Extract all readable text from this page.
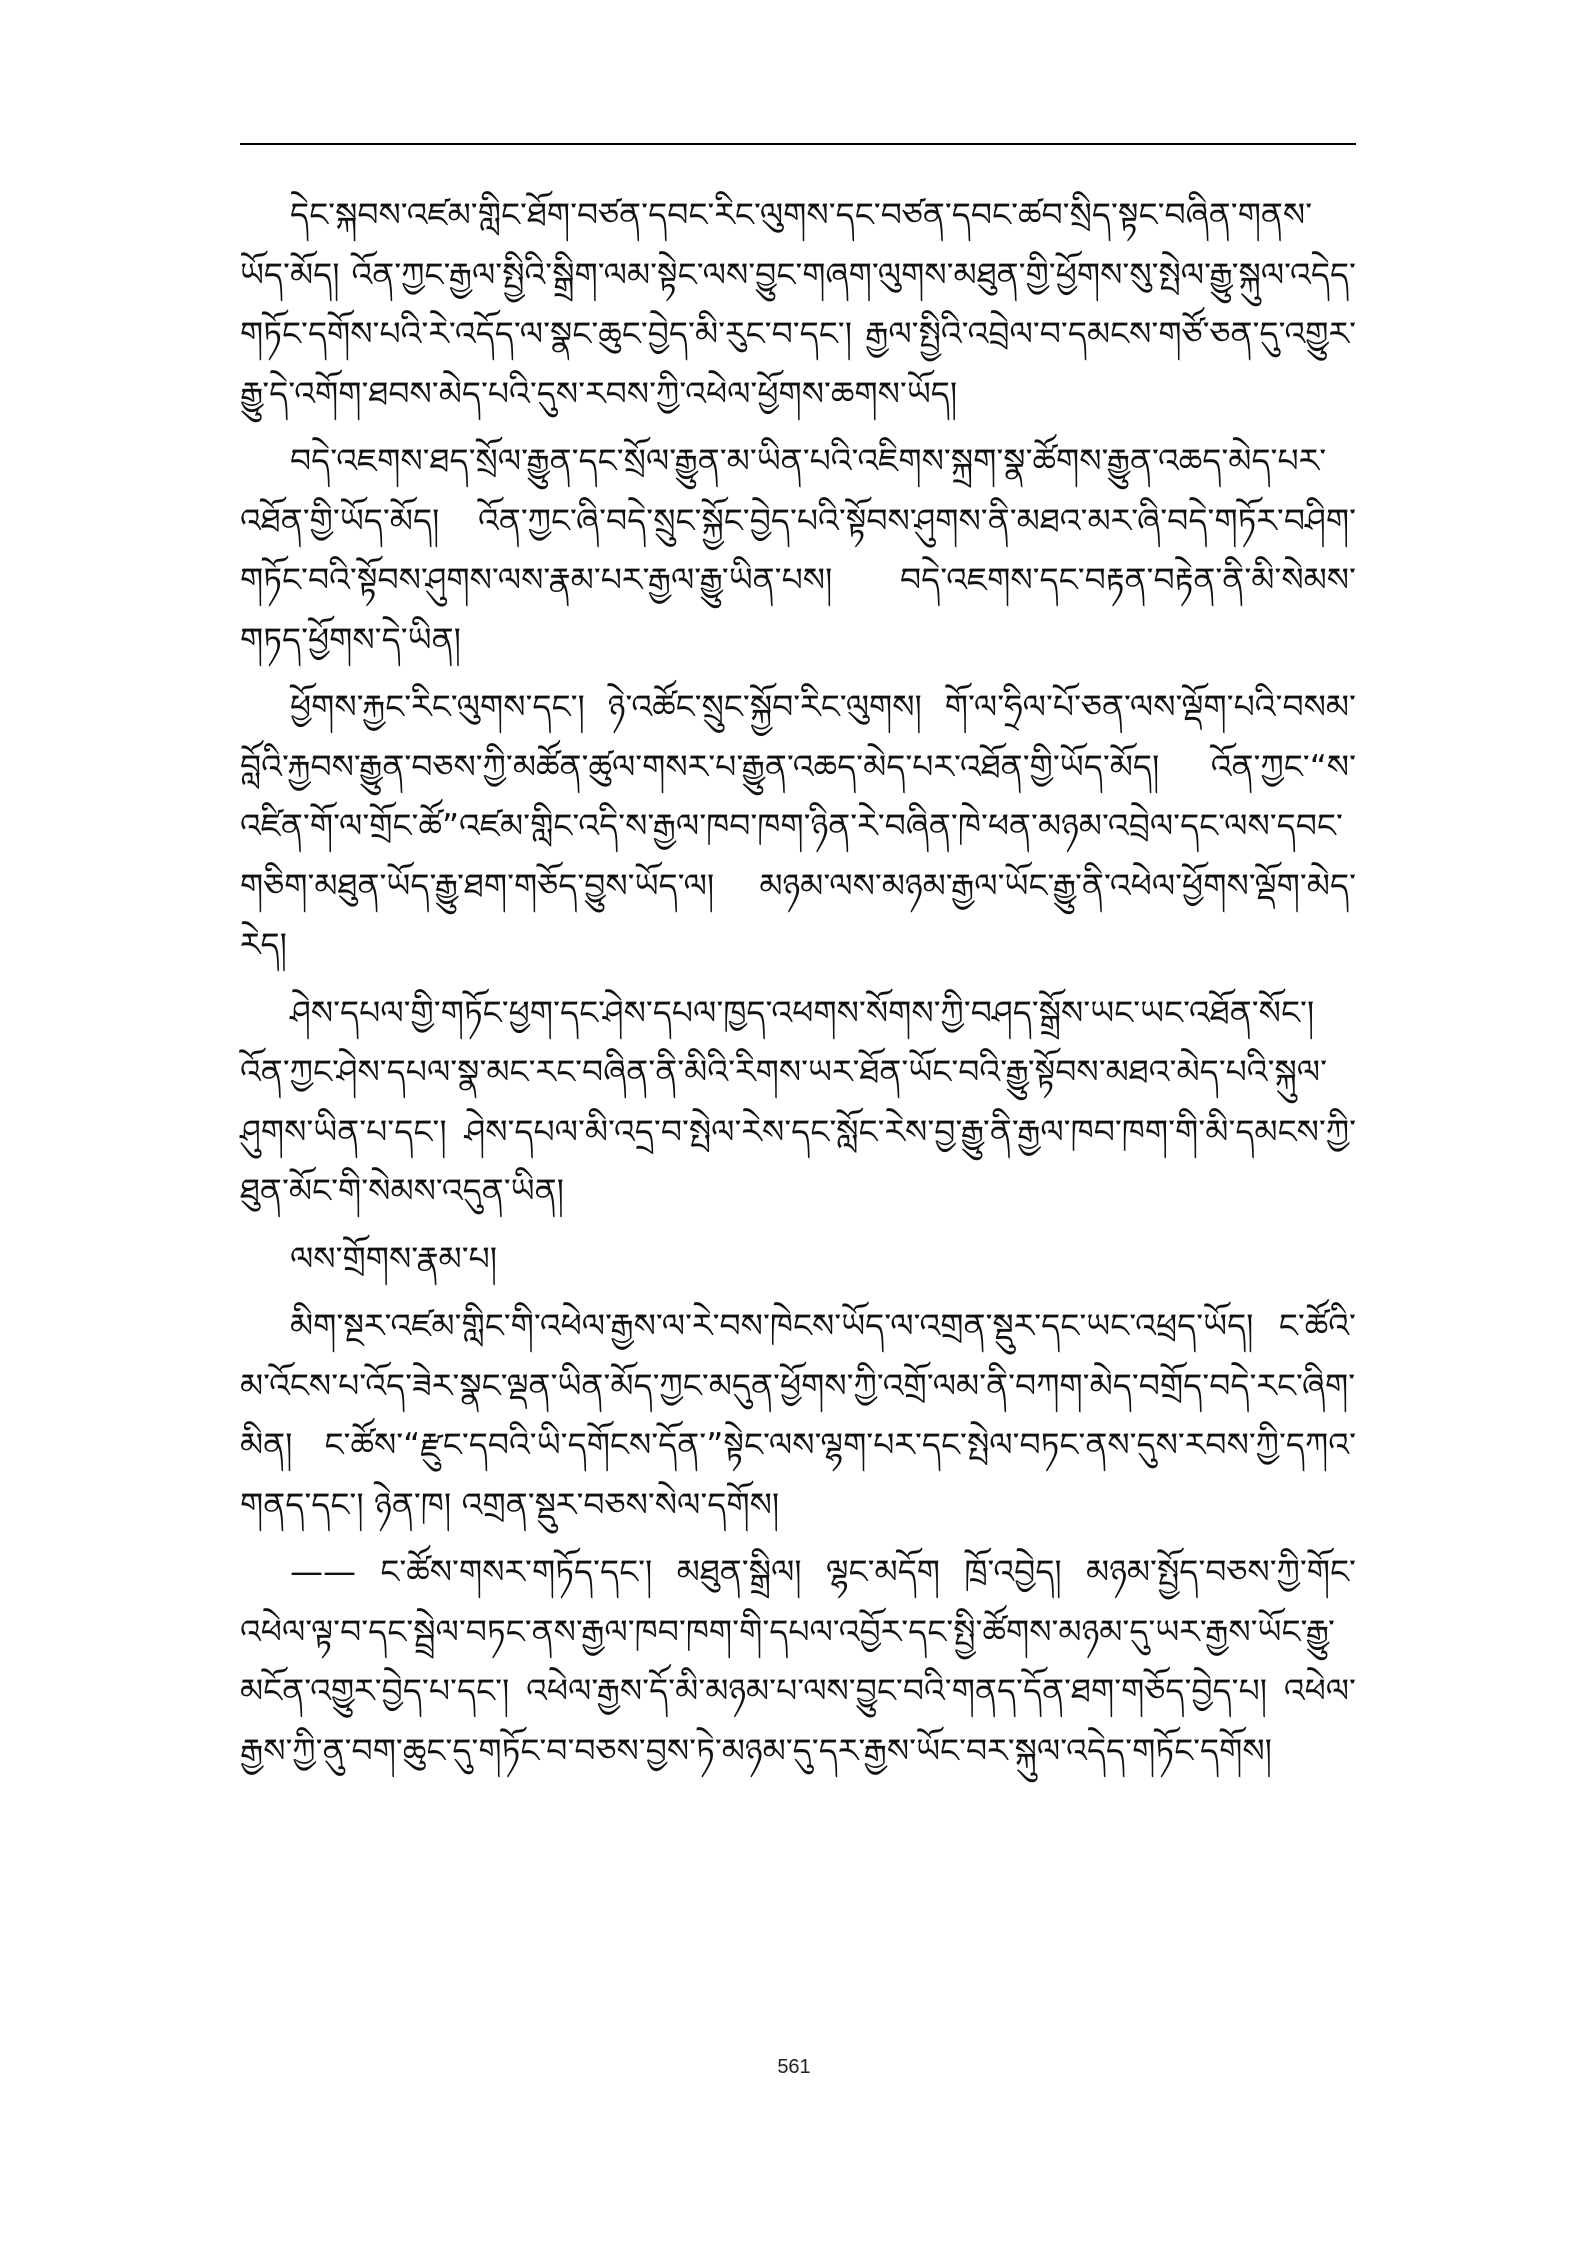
དེང་སྐབས་འཛམ་གླིང་ཐོག་བཙན་དབང་རིང་ལུགས་དང་བཙན་དབང་ཚབ་སྲིད་སྟང་བཞིན་གནས་ཡོད་མོད། འོན་ཀྱང་རྒྱལ་སྤྱིའི་སྒྲིག་ལམ་སྟེང་ལས་བྱུང་གཞག་ལུགས་མཐུན་གྱི་ཕྱོགས་སུ་སྤེལ་རྒྱུ་སྐུལ་འདེད་གཏོང་དགོས་པའི་རེ་འདོད་ལ་སྣང་ཆུང་བྱེད་མི་རུང་བ་དང་། རྒྱལ་སྤྱིའི་འབྲེལ་བ་དམངས་གཙོ་ཅན་དུ་འགྱུར་རྒྱུ་དེ་འགོག་ཐབས་མེད་པའི་དུས་རབས་ཀྱི་འཕེལ་ཕྱོགས་ཆགས་ཡོད།

བདེ་འཇགས་ཐད་སྲོལ་རྒྱུན་དང་སྲོལ་རྒྱུན་མ་ཡིན་པའི་འཇིགས་སྐྲག་སྣ་ཚོགས་རྒྱུན་འཆད་མེད་པར་འཐོན་གྱི་ཡོད་མོད། འོན་ཀྱང་ཞི་བདེ་སྲུང་སྐྱོང་བྱེད་པའི་སྟོབས་ཤུགས་ནི་མཐའ་མར་ཞི་བདེ་གཏོར་བཤིག་གཏོང་བའི་སྟོབས་ཤུགས་ལས་རྣམ་པར་རྒྱལ་རྒྱུ་ཡིན་པས། བདེ་འཇགས་དང་བརྟན་བརྟེན་ནི་མི་སེམས་གཏད་ཕྱོགས་དེ་ཡིན།

ཕྱོགས་རྐྱང་རིང་ལུགས་དང་། ཉེ་འཚོང་སྲུང་སྐྱོབ་རིང་ལུགས། གོ་ལ་ཧྲིལ་པོ་ཅན་ལས་ལྡོག་པའི་བསམ་བློའི་རྐྱབས་རྒྱུན་བཅས་ཀྱི་མཚོན་ཚུལ་གསར་པ་རྒྱུན་འཆད་མེད་པར་འཐོན་གྱི་ཡོད་མོད། འོན་ཀྱང་“ས་འཛིན་གོ་ལ་གྲོང་ཚོ”འཛམ་གླིང་འདི་ས་རྒྱལ་ཁབ་ཁག་ཉིན་རེ་བཞིན་ཁེ་ཕན་མཉམ་འབྲེལ་དང་ལས་དབང་གཅིག་མཐུན་ཡོད་རྒྱུ་ཐག་གཅོད་བྱུས་ཡོད་ལ། མཉམ་ལས་མཉམ་རྒྱལ་ཡོང་རྒྱུ་ནི་འཕེལ་ཕྱོགས་ལྡོག་མེད་རེད།

ཤེས་དཔལ་གྱི་གཏོང་ཕྱག་དང་ཤེས་དཔལ་ཁྱད་འཕགས་སོགས་ཀྱི་བཤད་སྒྲོས་ཡང་ཡང་འཐོན་སོང་། འོན་ཀྱང་ཤེས་དཔལ་སྣ་མང་རང་བཞིན་ནི་མིའི་རིགས་ཡར་ཐོན་ཡོང་བའི་རྒྱུ་སྟོབས་མཐའ་མེད་པའི་སྐུལ་ཤུགས་ཡིན་པ་དང་། ཤེས་དཔལ་མི་འདྲ་བ་སྤེལ་རེས་དང་སློང་རེས་བྱ་རྒྱུ་ནི་རྒྱལ་ཁབ་ཁག་གི་མི་དམངས་ཀྱི་ཐུན་མོང་གི་སེམས་འདུན་ཡིན།

ལས་གྲོགས་རྣམ་པ།

མིག་སྔར་འཛམ་གླིང་གི་འཕེལ་རྒྱས་ལ་རེ་བས་ཁེངས་ཡོད་ལ་འགྲན་སྡུར་དང་ཡང་འཕྲད་ཡོད། ང་ཚོའི་མ་འོངས་པ་འོད་ཟེར་སྣང་ལྡན་ཡིན་མོད་ཀྱང་མདུན་ཕྱོགས་ཀྱི་འགྲོ་ལམ་ནི་བཀག་མེད་བགྲོད་བདེ་རང་ཞིག་མིན། ང་ཚོས་“རྫུང་དབའི་ཡི་དགོངས་དོན་”སྟེང་ལས་ལྷག་པར་དང་སྤེལ་བཏང་ནས་དུས་རབས་ཀྱི་དཀའ་གནད་དང་། ཉེན་ཁ། འགྲན་སྡུར་བཅས་སེལ་དགོས།

—— ང་ཚོས་གསར་གཏོད་དང་། མཐུན་སྒྲིལ། ལྷང་མདོག ཁྲོ་འབྱེད། མཉམ་སྤྱོད་བཅས་ཀྱི་གོང་འཕེལ་ལྟ་བ་དང་སྦྲེལ་བཏང་ནས་རྒྱལ་ཁབ་ཁག་གི་དཔལ་འབྱོར་དང་སྤྱི་ཚོགས་མཉམ་དུ་ཡར་རྒྱས་ཡོང་རྒྱུ་མངོན་འགྱུར་བྱེད་པ་དང་། འཕེལ་རྒྱས་དོ་མི་མཉམ་པ་ལས་བྱུང་བའི་གནད་དོན་ཐག་གཅོད་བྱེད་པ། འཕེལ་རྒྱས་ཀྱི་ནུ་བག་ཆུང་དུ་གཏོང་བ་བཅས་བྱས་ཏེ་མཉམ་དུ་དར་རྒྱས་ཡོང་བར་སྐུལ་འདེད་གཏོང་དགོས།

561
